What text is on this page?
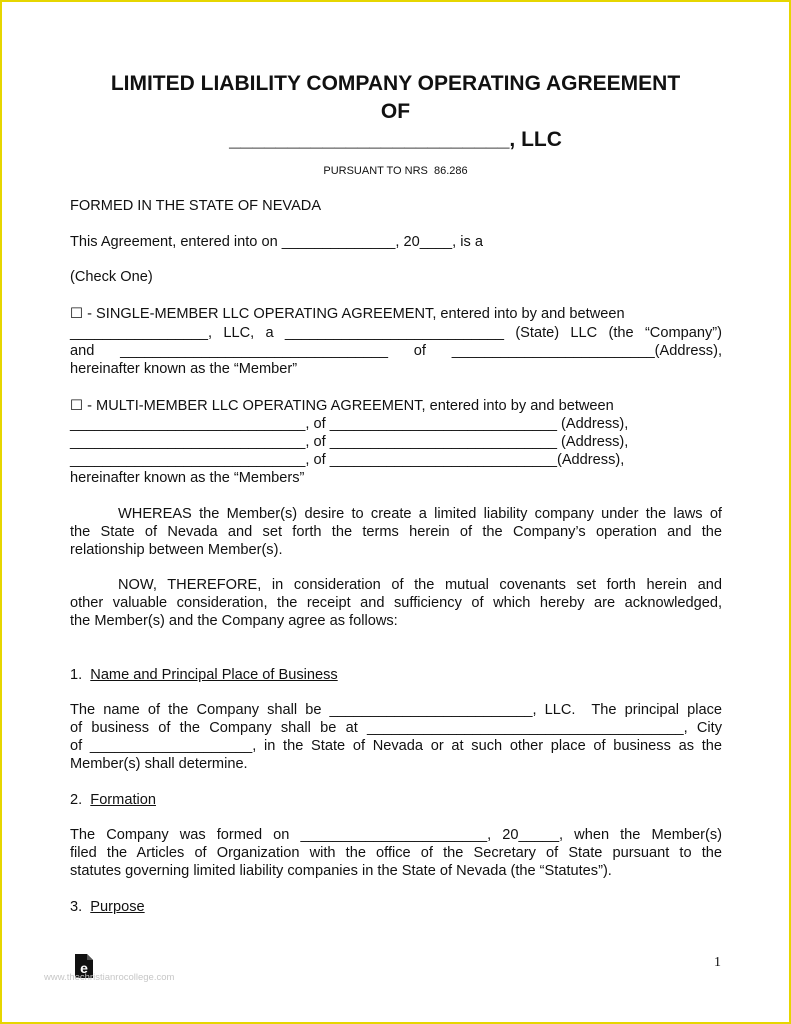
LIMITED LIABILITY COMPANY OPERATING AGREEMENT
OF
________________________, LLC
PURSUANT TO NRS  86.286
FORMED IN THE STATE OF NEVADA
This Agreement, entered into on ______________, 20____, is a
(Check One)
☐ - SINGLE-MEMBER LLC OPERATING AGREEMENT, entered into by and between
_________________, LLC, a ___________________________ (State) LLC (the “Company”)
and _________________________________ of _________________________(Address),
hereinafter known as the “Member”
☐ - MULTI-MEMBER LLC OPERATING AGREEMENT, entered into by and between
_____________________________, of ____________________________ (Address),
_____________________________, of ____________________________ (Address),
_____________________________, of ____________________________(Address),
hereinafter known as the “Members”
WHEREAS the Member(s) desire to create a limited liability company under the laws of
the State of Nevada and set forth the terms herein of the Company’s operation and the
relationship between Member(s).
NOW, THEREFORE, in consideration of the mutual covenants set forth herein and
other valuable consideration, the receipt and sufficiency of which hereby are acknowledged,
the Member(s) and the Company agree as follows:
1. Name and Principal Place of Business
The name of the Company shall be _________________________, LLC.  The principal place
of business of the Company shall be at _______________________________________, City
of ____________________, in the State of Nevada or at such other place of business as the
Member(s) shall determine.
2. Formation
The Company was formed on _______________________, 20_____, when the Member(s)
filed the Articles of Organization with the office of the Secretary of State pursuant to the
statutes governing limited liability companies in the State of Nevada (the “Statutes”).
3. Purpose
e
www.thechristianrocollege.com
1
